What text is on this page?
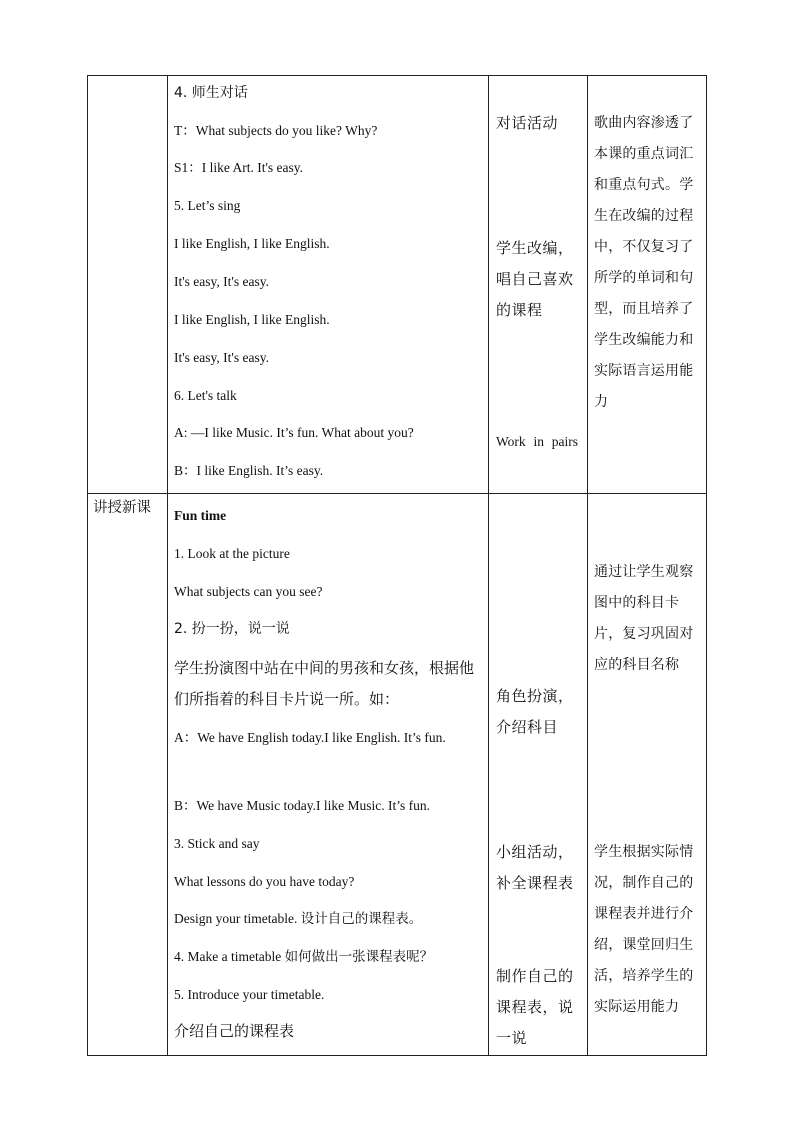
4. 师生对话
T：What subjects do you like? Why?
S1：I like Art. It's easy.
5. Let’s sing
I like English, I like English.
It's easy, It's easy.
I like English, I like English.
It's easy, It's easy.
6. Let's talk
A: —I like Music. It’s fun. What about you?
B：I like English. It’s easy.
对话活动
学生改编，唱自己喜欢的课程
Work in pairs
歌曲内容渗透了本课的重点词汇和重点句式。学生在改编的过程中，不仅复习了所学的单词和句型，而且培养了学生改编能力和实际语言运用能力
讲授新课 Fun time
1. Look at the picture
What subjects can you see?
2. 扮一扮，说一说
学生扮演图中站在中间的男孩和女孩，根据他们所指着的科目卡片说一所。如：
A：We have English today.I like English. It’s fun.
B：We have Music today.I like Music. It’s fun.
3. Stick and say
What lessons do you have today?
Design your timetable. 设计自己的课程表。
4. Make a timetable 如何做出一张课程表呢？
5. Introduce your timetable.
介绍自己的课程表
角色扮演，介绍科目
小组活动，补全课程表
制作自己的课程表，说一说
通过让学生观察图中的科目卡片，复习巩固对应的科目名称
学生根据实际情况，制作自己的课程表并进行介绍，课堂回归生活，培养学生的实际运用能力
